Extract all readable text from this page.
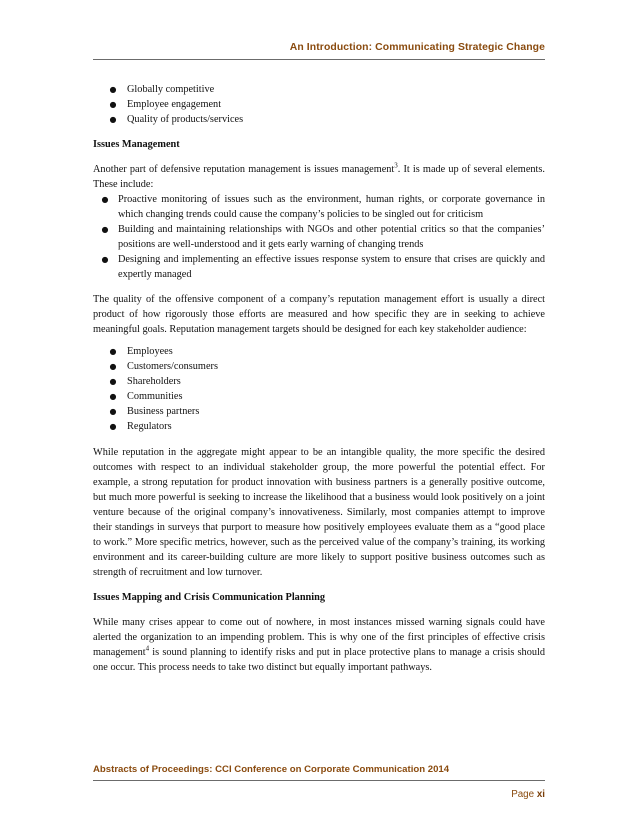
An Introduction: Communicating Strategic Change
● Globally competitive
● Employee engagement
● Quality of products/services
Issues Management

Another part of defensive reputation management is issues management$^3$. It is made up of several elements. These include:

● Proactive monitoring of issues such as the environment, human rights, or corporate governance in which changing trends could cause the company’s policies to be singled out for criticism
● Building and maintaining relationships with NGOs and other potential critics so that the companies’ positions are well-understood and it gets early warning of changing trends
● Designing and implementing an effective issues response system to ensure that crises are quickly and expertly managed

The quality of the offensive component of a company’s reputation management effort is usually a direct product of how rigorously those efforts are measured and how specific they are in seeking to achieve meaningful goals. Reputation management targets should be designed for each key stakeholder audience:

● Employees
● Customers/consumers
● Shareholders
● Communities
● Business partners
● Regulators

While reputation in the aggregate might appear to be an intangible quality, the more specific the desired outcomes with respect to an individual stakeholder group, the more powerful the potential effect. For example, a strong reputation for product innovation with business partners is a generally positive outcome, but much more powerful is seeking to increase the likelihood that a business would look positively on a joint venture because of the original company’s innovativeness. Similarly, most companies attempt to improve their standings in surveys that purport to measure how positively employees evaluate them as a “good place to work.” More specific metrics, however, such as the perceived value of the company’s training, its working environment and its career-building culture are more likely to support positive business outcomes such as strength of recruitment and low turnover.

Issues Mapping and Crisis Communication Planning

While many crises appear to come out of nowhere, in most instances missed warning signals could have alerted the organization to an impending problem. This is why one of the first principles of effective crisis management$^4$ is sound planning to identify risks and put in place protective plans to manage a crisis should one occur. This process needs to take two distinct but equally important pathways.

Abstracts of Proceedings: CCI Conference on Corporate Communication 2014
Page xi
